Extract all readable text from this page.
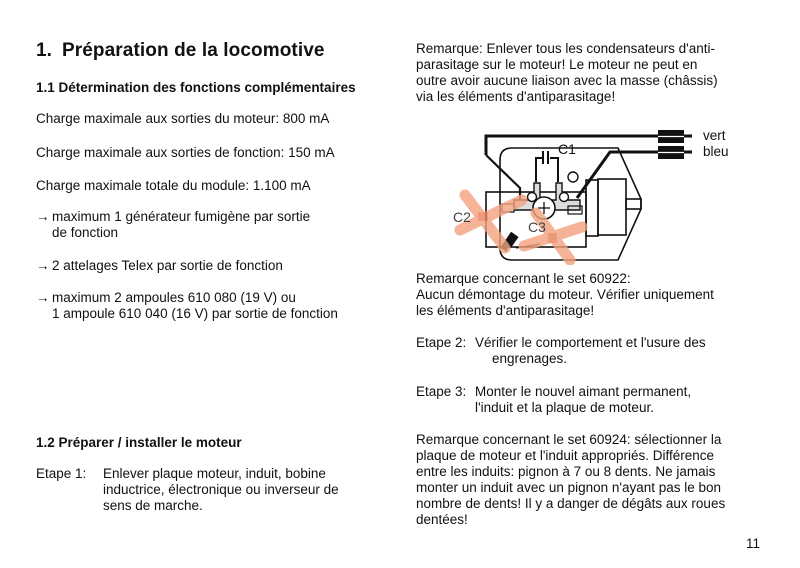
1. Préparation de la locomotive
1.1 Détermination des fonctions complémentaires
Charge maximale aux sorties du moteur: 800 mA
Charge maximale aux sorties de fonction: 150 mA
Charge maximale totale du module: 1.100 mA
→ maximum 1 générateur fumigène par sortie
de fonction
→ 2 attelages Telex par sortie de fonction
→ maximum 2 ampoules 610 080 (19 V) ou
1 ampoule 610 040 (16 V) par sortie de fonction
1.2 Préparer / installer le moteur
Etape 1:	Enlever plaque moteur, induit, bobine
inductrice, électronique ou inverseur de
sens de marche.
Remarque: Enlever tous les condensateurs d'anti-
parasitage sur le moteur! Le moteur ne peut en
outre avoir aucune liaison avec la masse (châssis)
via les éléments d'antiparasitage!
C1
C2
C3
vert
bleu
Remarque concernant le set 60922:
Aucun démontage du moteur. Vérifier uniquement
les éléments d'antiparasitage!
Etape 2: Vérifier le comportement et l'usure des
engrenages.
Etape 3: Monter le nouvel aimant permanent,
l'induit et la plaque de moteur.
Remarque concernant le set 60924: sélectionner la
plaque de moteur et l'induit appropriés. Différence
entre les induits: pignon à 7 ou 8 dents. Ne jamais
monter un induit avec un pignon n'ayant pas le bon
nombre de dents! Il y a danger de dégâts aux roues
dentées!
11
